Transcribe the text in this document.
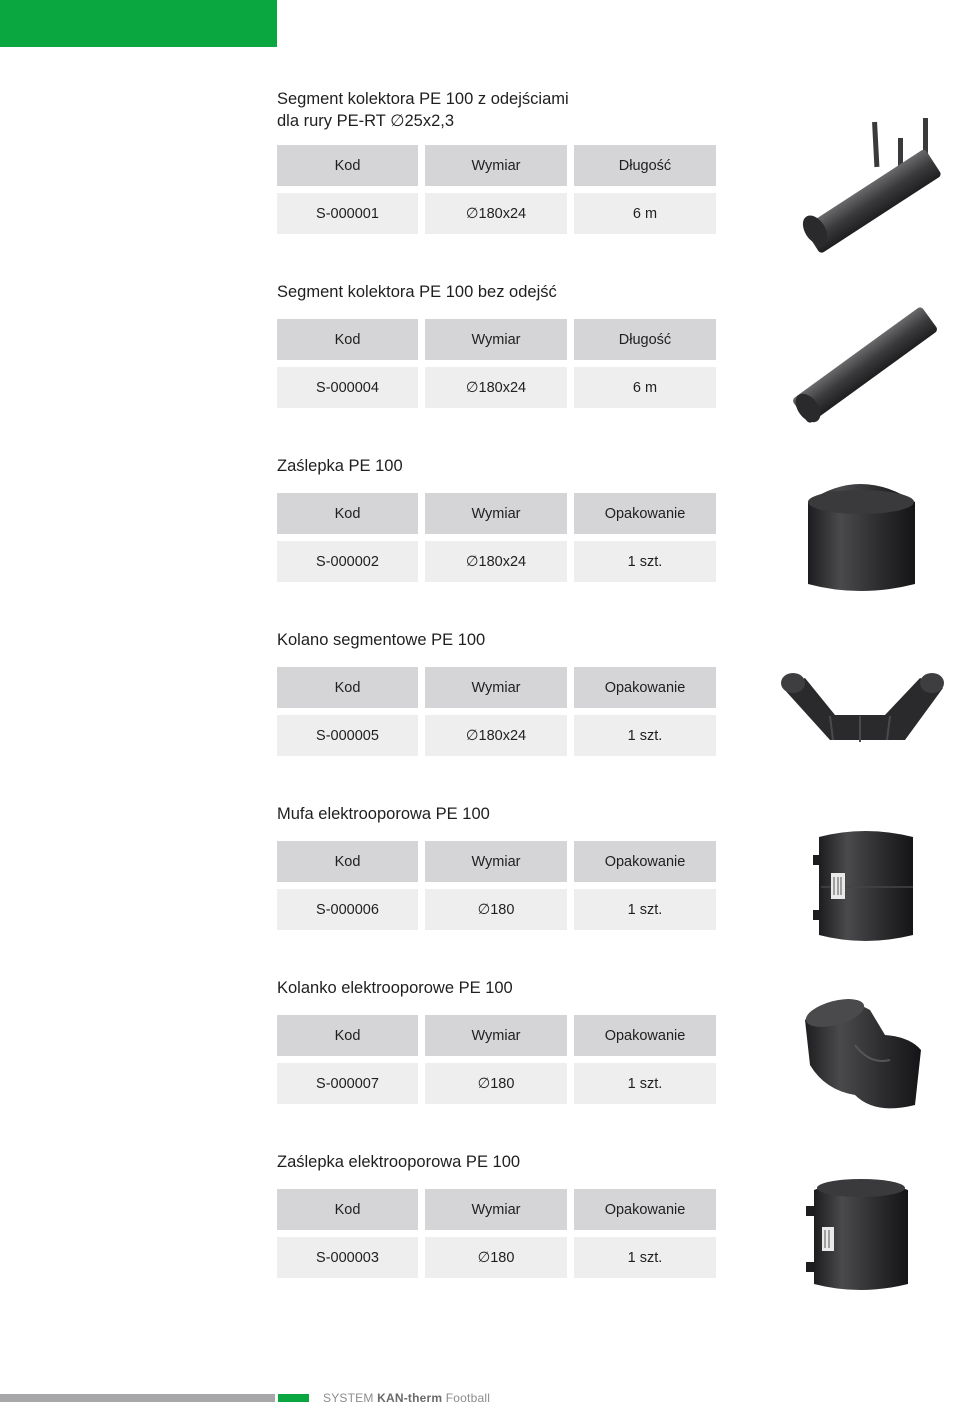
Segment kolektora PE 100 z odejściami
dla rury PE-RT ∅25x2,3

Kod		Wymiar		Długość

S-000001		∅180x24		6 m

Segment kolektora PE 100 bez odejść

Kod		Wymiar		Długość

S-000004		∅180x24		6 m

Zaślepka PE 100

Kod		Wymiar		Opakowanie

S-000002		∅180x24		1 szt.

Kolano segmentowe PE 100

Kod		Wymiar		Opakowanie

S-000005		∅180x24		1 szt.

Mufa elektrooporowa PE 100

Kod		Wymiar		Opakowanie

S-000006		∅180		1 szt.

Kolanko elektrooporowe PE 100

Kod		Wymiar		Opakowanie

S-000007		∅180		1 szt.

Zaślepka elektrooporowa PE 100

Kod		Wymiar		Opakowanie

S-000003		∅180		1 szt.
SYSTEM KAN-therm Football
